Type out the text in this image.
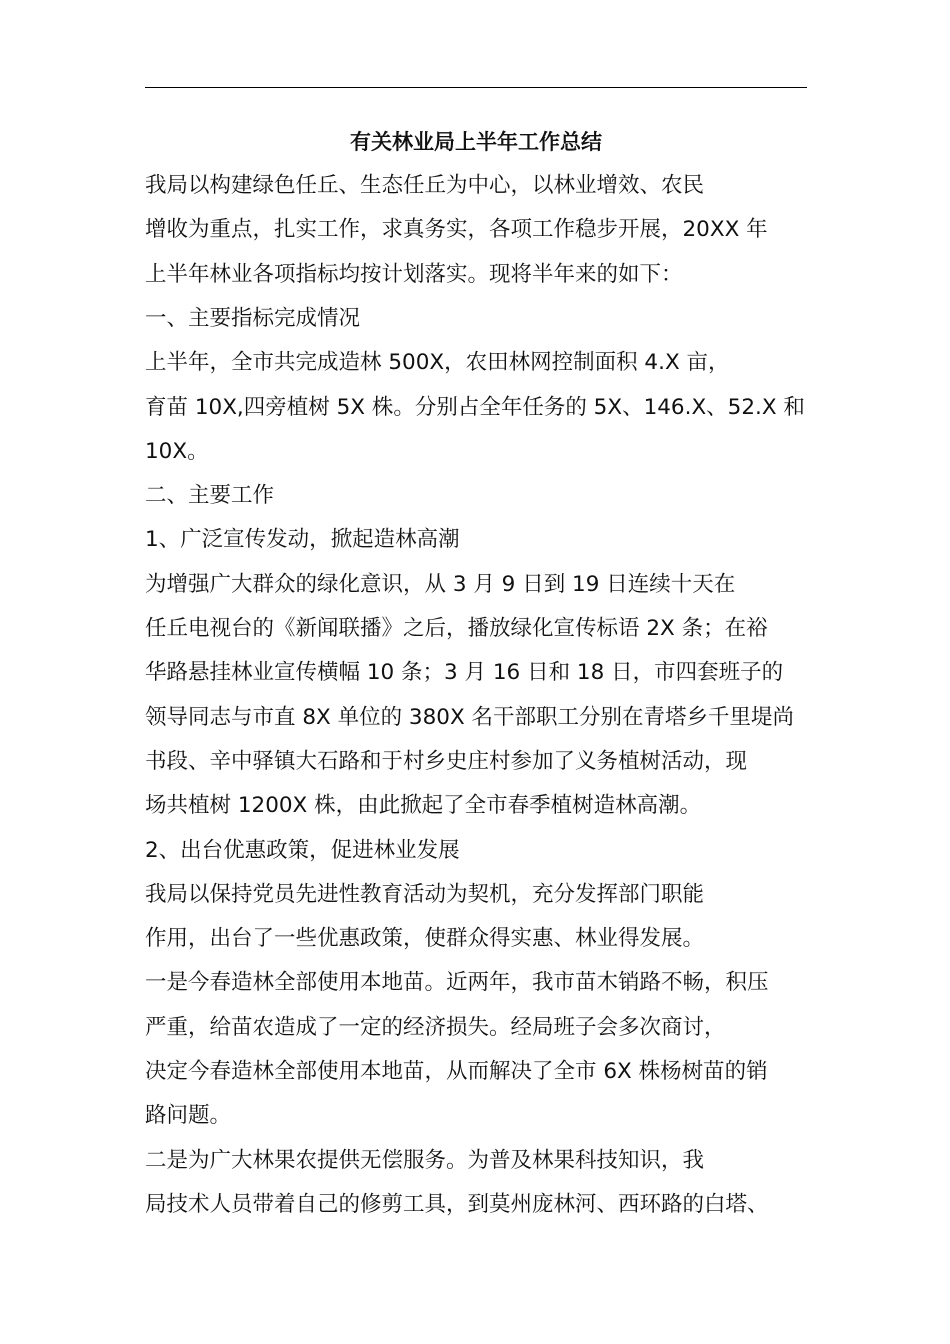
有关林业局上半年工作总结
我局以构建绿色任丘、生态任丘为中心，以林业增效、农民
增收为重点，扎实工作，求真务实，各项工作稳步开展，20XX 年
上半年林业各项指标均按计划落实。现将半年来的如下：
一、主要指标完成情况
上半年，全市共完成造林 500X，农田林网控制面积 4.X 亩，
育苗 10X,四旁植树 5X 株。分别占全年任务的 5X、146.X、52.X 和
10X。
二、主要工作
1、广泛宣传发动，掀起造林高潮
为增强广大群众的绿化意识，从 3 月 9 日到 19 日连续十天在
任丘电视台的《新闻联播》之后，播放绿化宣传标语 2X 条；在裕
华路悬挂林业宣传横幅 10 条；3 月 16 日和 18 日，市四套班子的
领导同志与市直 8X 单位的 380X 名干部职工分别在青塔乡千里堤尚
书段、辛中驿镇大石路和于村乡史庄村参加了义务植树活动，现
场共植树 1200X 株，由此掀起了全市春季植树造林高潮。
2、出台优惠政策，促进林业发展
我局以保持党员先进性教育活动为契机，充分发挥部门职能
作用，出台了一些优惠政策，使群众得实惠、林业得发展。
一是今春造林全部使用本地苗。近两年，我市苗木销路不畅，积压
严重，给苗农造成了一定的经济损失。经局班子会多次商讨，
决定今春造林全部使用本地苗，从而解决了全市 6X 株杨树苗的销
路问题。
二是为广大林果农提供无偿服务。为普及林果科技知识，我
局技术人员带着自己的修剪工具，到莫州庞林河、西环路的白塔、
